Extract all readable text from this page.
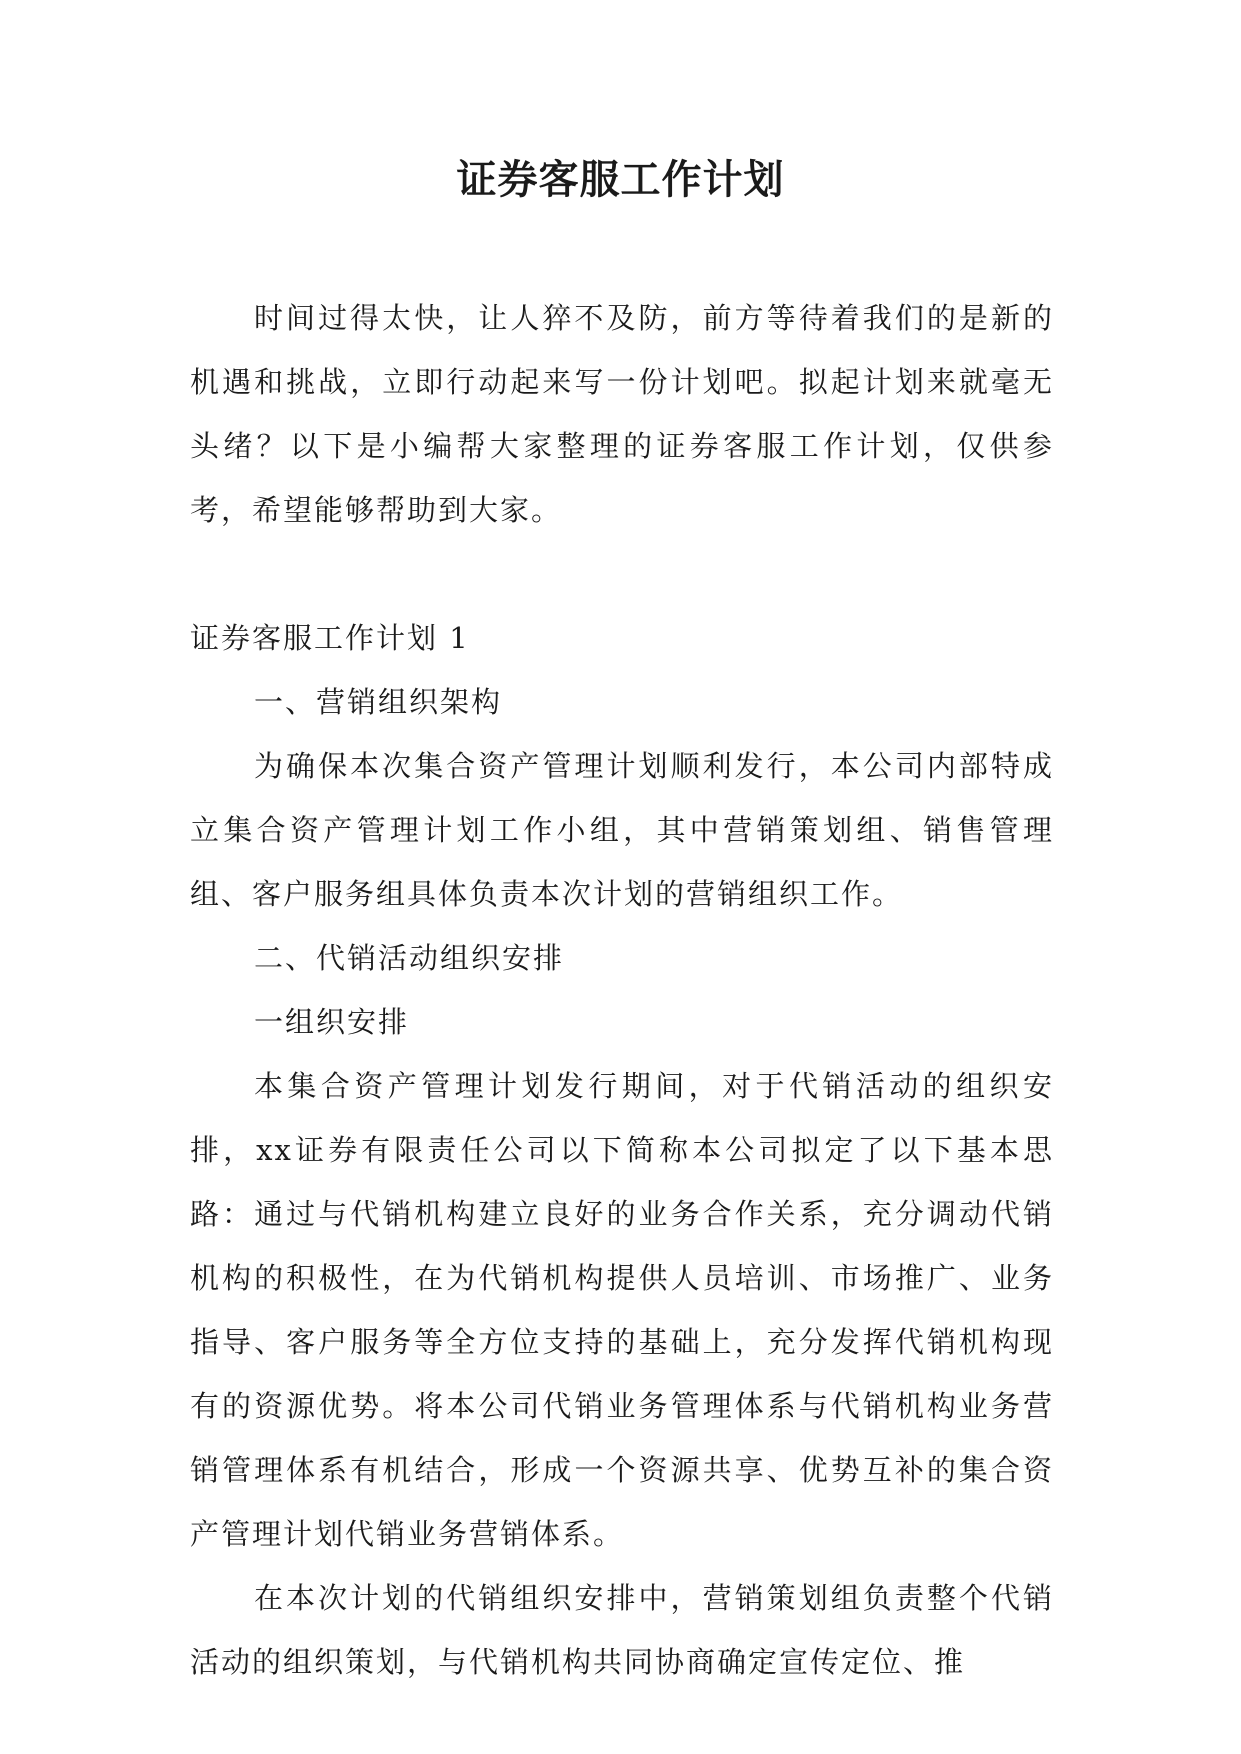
证券客服工作计划

时间过得太快，让人猝不及防，前方等待着我们的是新的机遇和挑战，立即行动起来写一份计划吧。拟起计划来就毫无头绪？以下是小编帮大家整理的证券客服工作计划，仅供参考，希望能够帮助到大家。

证券客服工作计划 1

一、营销组织架构

为确保本次集合资产管理计划顺利发行，本公司内部特成立集合资产管理计划工作小组，其中营销策划组、销售管理组、客户服务组具体负责本次计划的营销组织工作。

二、代销活动组织安排

一组织安排

本集合资产管理计划发行期间，对于代销活动的组织安排，xx证券有限责任公司以下简称本公司拟定了以下基本思路：通过与代销机构建立良好的业务合作关系，充分调动代销机构的积极性，在为代销机构提供人员培训、市场推广、业务指导、客户服务等全方位支持的基础上，充分发挥代销机构现有的资源优势。将本公司代销业务管理体系与代销机构业务营销管理体系有机结合，形成一个资源共享、优势互补的集合资产管理计划代销业务营销体系。

在本次计划的代销组织安排中，营销策划组负责整个代销活动的组织策划，与代销机构共同协商确定宣传定位、推
